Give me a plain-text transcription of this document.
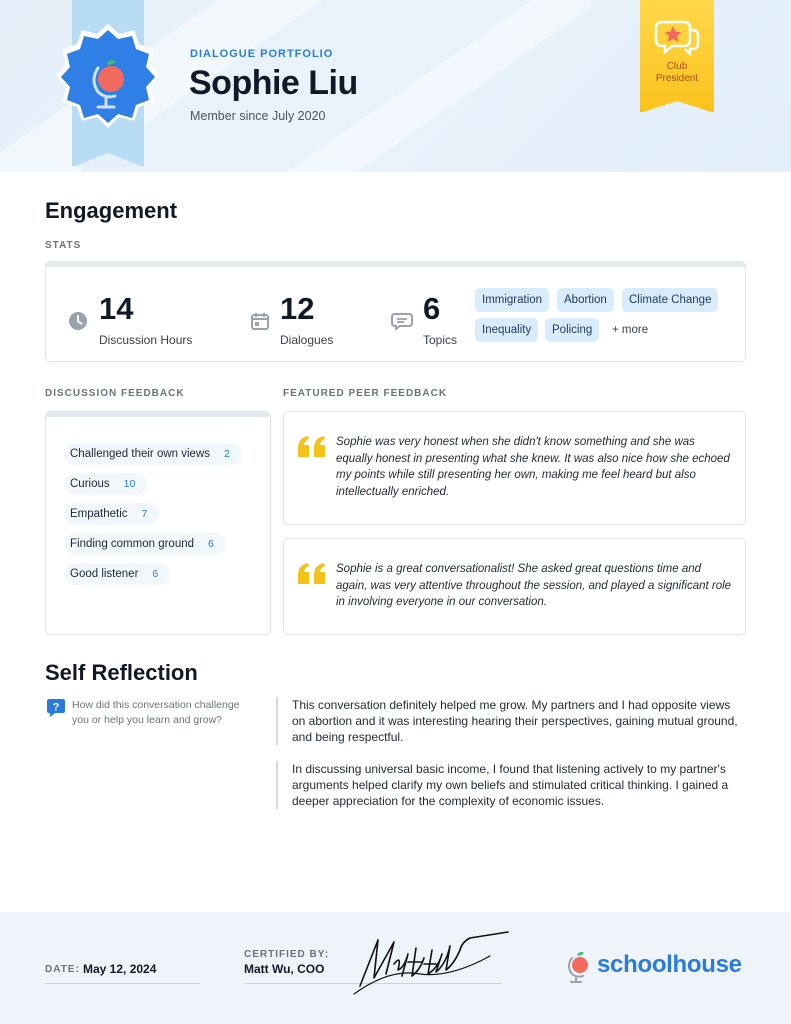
DIALOGUE PORTFOLIO
Sophie Liu
Member since July 2020
Club
President
Engagement
STATS
14
Discussion Hours
12
Dialogues
6
Topics
Immigration	Abortion	Climate Change
Inequality	Policing	+ more
DISCUSSION FEEDBACK
Challenged their own views 2
Curious 10
Empathetic 7
Finding common ground 6
Good listener 6
FEATURED PEER FEEDBACK
Sophie was very honest when she didn't know something and she was equally honest in presenting what she knew. It was also nice how she echoed my points while still presenting her own, making me feel heard but also intellectually enriched.
Sophie is a great conversationalist! She asked great questions time and again, was very attentive throughout the session, and played a significant role in involving everyone in our conversation.
Self Reflection
? How did this conversation challenge you or help you learn and grow?
This conversation definitely helped me grow. My partners and I had opposite views on abortion and it was interesting hearing their perspectives, gaining mutual ground, and being respectful.
In discussing universal basic income, I found that listening actively to my partner's arguments helped clarify my own beliefs and stimulated critical thinking. I gained a deeper appreciation for the complexity of economic issues.
DATE: May 12, 2024
CERTIFIED BY:
Matt Wu, COO	schoolhouse
